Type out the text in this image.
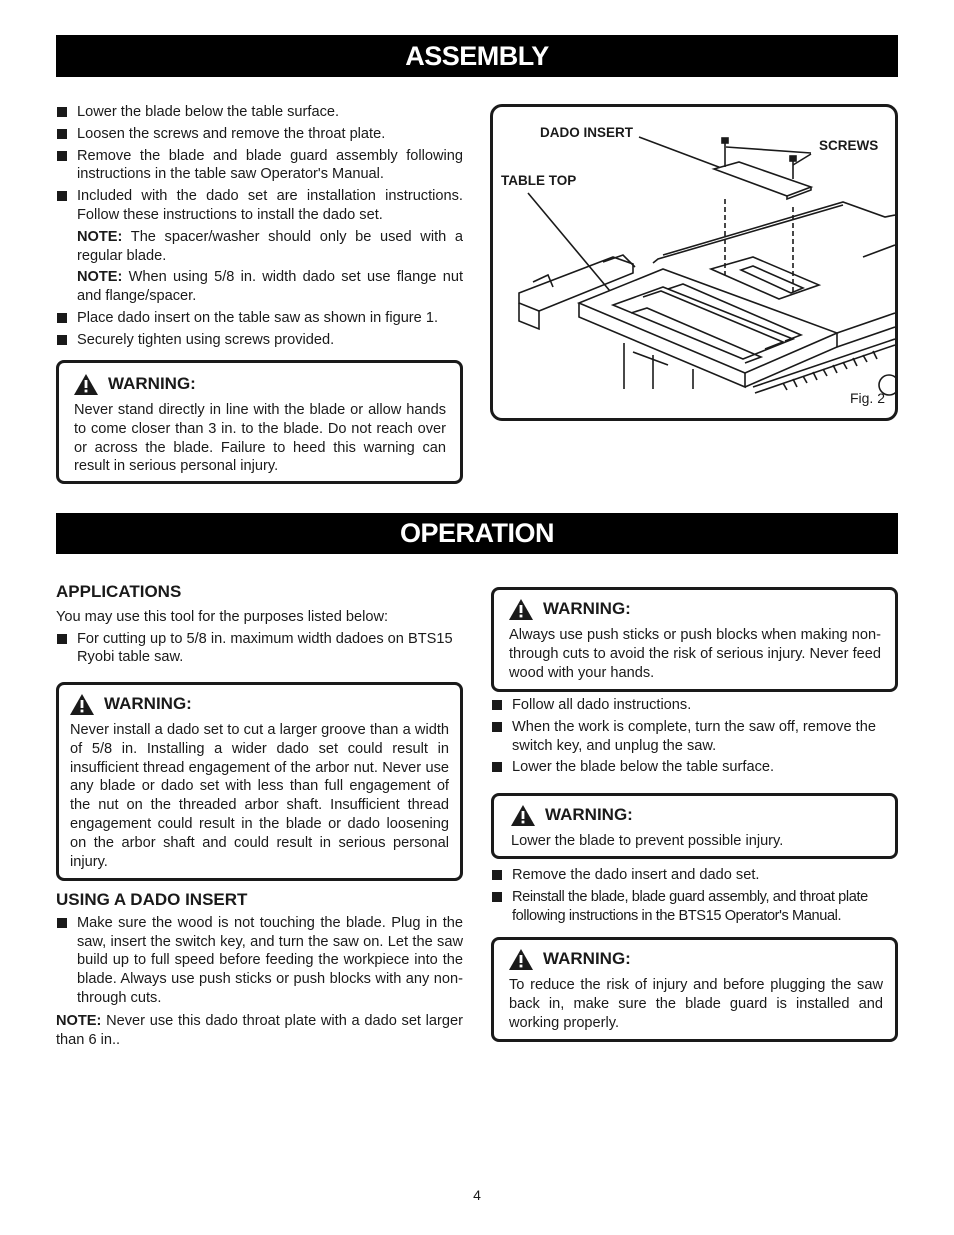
ASSEMBLY
Lower the blade below the table surface.
Loosen the screws and remove the throat plate.
Remove the blade and blade guard assembly following instructions in the table saw Operator's Manual.
Included with the dado set are installation instructions. Follow these instructions to install the dado set.
NOTE: The spacer/washer should only be used with a regular blade.
NOTE: When using 5/8 in. width dado set use flange nut and flange/spacer.
Place dado insert on the table saw as shown in figure 1.
Securely tighten using screws provided.
WARNING:
Never stand directly in line with the blade or allow hands to come closer than 3 in. to the blade. Do not reach over or across the blade. Failure to heed this warning can result in serious personal injury.
DADO INSERT
SCREWS
TABLE TOP
Fig. 2
OPERATION
APPLICATIONS
You may use this tool for the purposes listed below:
For cutting up to 5/8 in. maximum width dadoes on BTS15 Ryobi table saw.
WARNING:
Never install a dado set to cut a larger groove than a width of 5/8 in. Installing a wider dado set could result in insufficient thread engagement of the arbor nut. Never use any blade or dado set with less than full engagement of the nut on the threaded arbor shaft. Insufficient thread engagement could result in the blade or dado loosening on the arbor shaft and could result in serious personal injury.
USING A DADO INSERT
Make sure the wood is not touching the blade. Plug in the saw, insert the switch key, and turn the saw on. Let the saw build up to full speed before feeding the workpiece into the blade. Always use push sticks or push blocks with any non-through cuts.
NOTE: Never use this dado throat plate with a dado set larger than 6 in..
WARNING:
Always use push sticks or push blocks when making non-through cuts to avoid the risk of serious injury. Never feed wood with your hands.
Follow all dado instructions.
When the work is complete, turn the saw off, remove the switch key, and unplug the saw.
Lower the blade below the table surface.
WARNING:
Lower the blade to prevent possible injury.
Remove the dado insert and dado set.
Reinstall the blade, blade guard assembly, and throat plate following instructions in the BTS15 Operator's Manual.
WARNING:
To reduce the risk of injury and before plugging the saw back in, make sure the blade guard is installed and working properly.
4
